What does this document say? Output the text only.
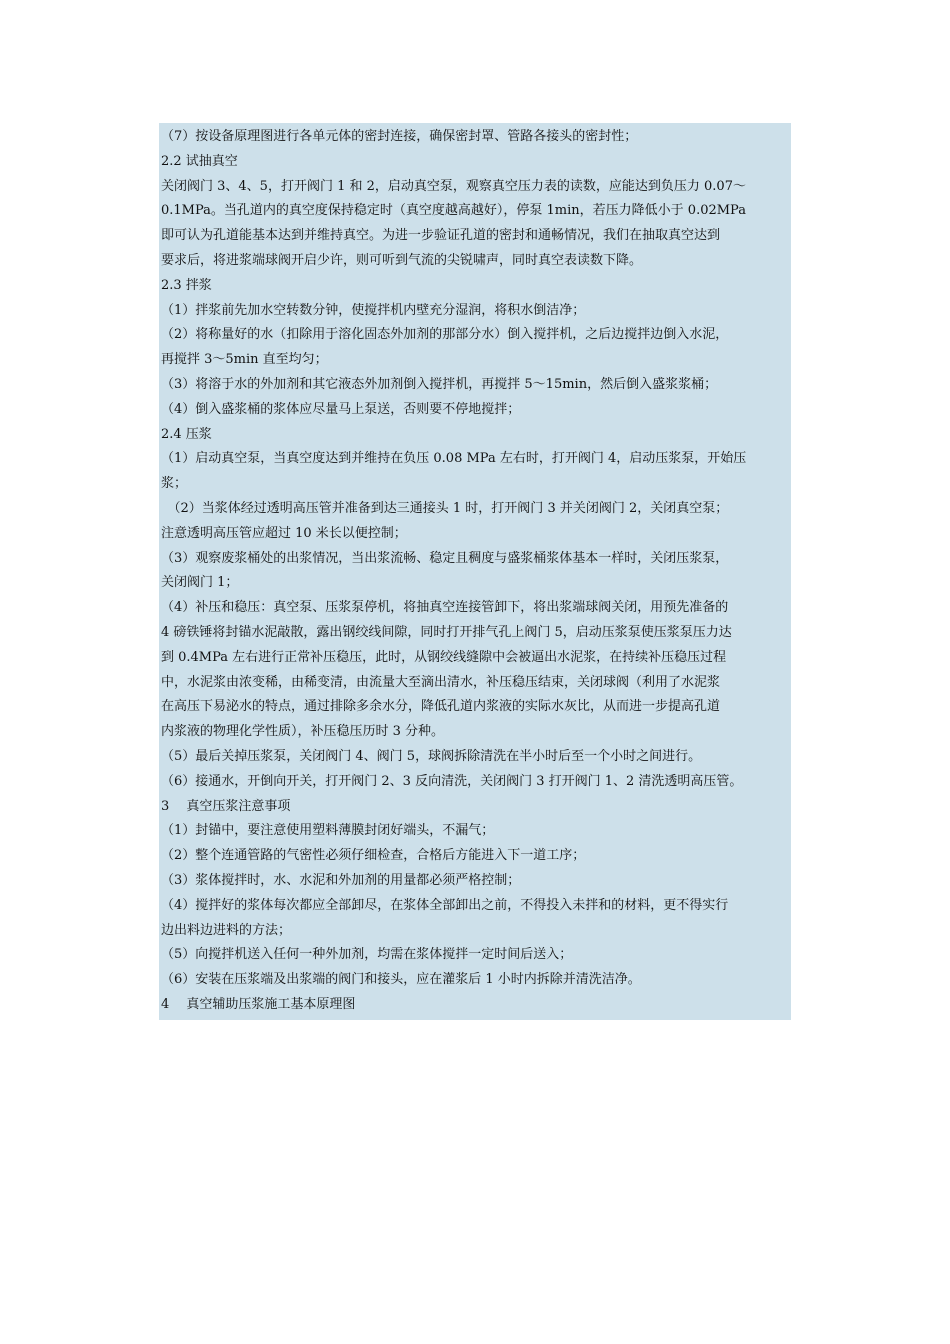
（7）按设备原理图进行各单元体的密封连接，确保密封罩、管路各接头的密封性；
2.2 试抽真空
关闭阀门 3、4、5，打开阀门 1 和 2，启动真空泵，观察真空压力表的读数，应能达到负压力 0.07～
0.1MPa。当孔道内的真空度保持稳定时（真空度越高越好），停泵 1min，若压力降低小于 0.02MPa
即可认为孔道能基本达到并维持真空。为进一步验证孔道的密封和通畅情况，我们在抽取真空达到
要求后，将进浆端球阀开启少许，则可听到气流的尖锐啸声，同时真空表读数下降。
2.3 拌浆
（1）拌浆前先加水空转数分钟，使搅拌机内壁充分湿润，将积水倒洁净；
（2）将称量好的水（扣除用于溶化固态外加剂的那部分水）倒入搅拌机，之后边搅拌边倒入水泥，
再搅拌 3～5min 直至均匀；
（3）将溶于水的外加剂和其它液态外加剂倒入搅拌机，再搅拌 5～15min，然后倒入盛浆浆桶；
（4）倒入盛浆桶的浆体应尽量马上泵送，否则要不停地搅拌；
2.4 压浆
（1）启动真空泵，当真空度达到并维持在负压 0.08 MPa 左右时，打开阀门 4，启动压浆泵，开始压
浆；
　（2）当浆体经过透明高压管并准备到达三通接头 1 时，打开阀门 3 并关闭阀门 2，关闭真空泵；
注意透明高压管应超过 10 米长以便控制；
（3）观察废浆桶处的出浆情况，当出浆流畅、稳定且稠度与盛浆桶浆体基本一样时，关闭压浆泵，
关闭阀门 1；
（4）补压和稳压：真空泵、压浆泵停机，将抽真空连接管卸下，将出浆端球阀关闭，用预先准备的
4 磅铁锤将封锚水泥敲散，露出钢绞线间隙，同时打开排气孔上阀门 5，启动压浆泵使压浆泵压力达
到 0.4MPa 左右进行正常补压稳压，此时，从钢绞线缝隙中会被逼出水泥浆，在持续补压稳压过程
中，水泥浆由浓变稀，由稀变清，由流量大至滴出清水，补压稳压结束，关闭球阀（利用了水泥浆
在高压下易泌水的特点，通过排除多余水分，降低孔道内浆液的实际水灰比，从而进一步提高孔道
内浆液的物理化学性质），补压稳压历时 3 分种。
（5）最后关掉压浆泵，关闭阀门 4、阀门 5，球阀拆除清洗在半小时后至一个小时之间进行。
（6）接通水，开倒向开关，打开阀门 2、3 反向清洗，关闭阀门 3 打开阀门 1、2 清洗透明高压管。
3　 真空压浆注意事项
（1）封锚中，要注意使用塑料薄膜封闭好端头，不漏气；
（2）整个连通管路的气密性必须仔细检查，合格后方能进入下一道工序；
（3）浆体搅拌时，水、水泥和外加剂的用量都必须严格控制；
（4）搅拌好的浆体每次都应全部卸尽，在浆体全部卸出之前，不得投入未拌和的材料，更不得实行
边出料边进料的方法；
（5）向搅拌机送入任何一种外加剂，均需在浆体搅拌一定时间后送入；
（6）安装在压浆端及出浆端的阀门和接头，应在灌浆后 1 小时内拆除并清洗洁净。
4　 真空辅助压浆施工基本原理图
